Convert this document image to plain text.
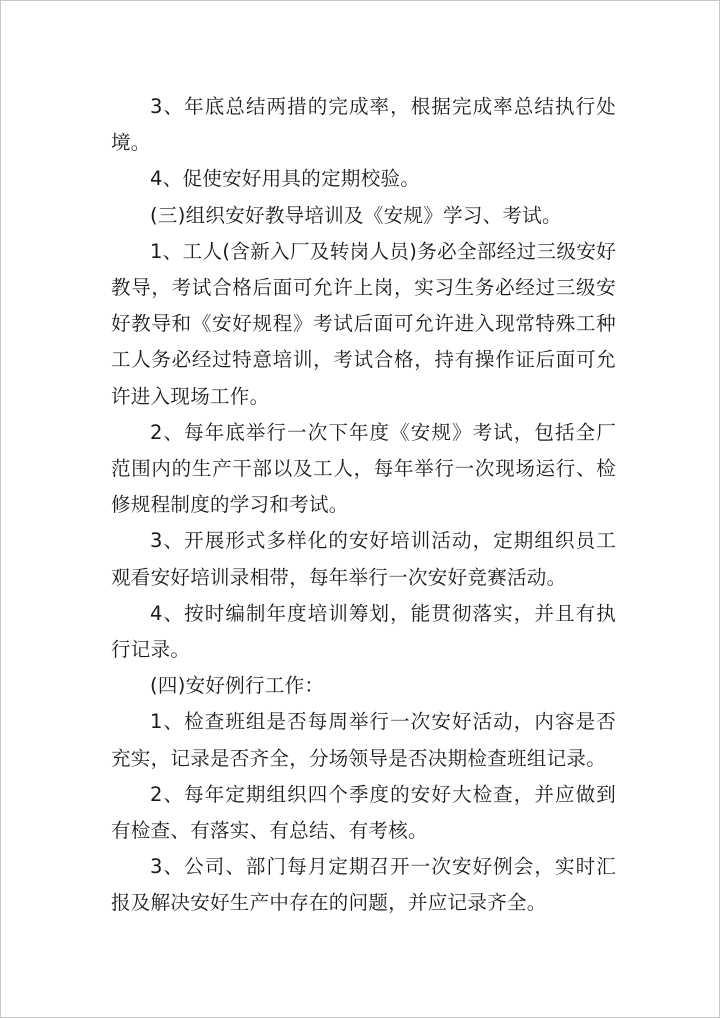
3、年底总结两措的完成率，根据完成率总结执行处境。

4、促使安好用具的定期校验。

(三)组织安好教导培训及《安规》学习、考试。

1、工人(含新入厂及转岗人员)务必全部经过三级安好教导，考试合格后面可允许上岗，实习生务必经过三级安好教导和《安好规程》考试后面可允许进入现常特殊工种工人务必经过特意培训，考试合格，持有操作证后面可允许进入现场工作。

2、每年底举行一次下年度《安规》考试，包括全厂范围内的生产干部以及工人，每年举行一次现场运行、检修规程制度的学习和考试。

3、开展形式多样化的安好培训活动，定期组织员工观看安好培训录相带，每年举行一次安好竞赛活动。

4、按时编制年度培训筹划，能贯彻落实，并且有执行记录。

(四)安好例行工作：

1、检查班组是否每周举行一次安好活动，内容是否充实，记录是否齐全，分场领导是否决期检查班组记录。

2、每年定期组织四个季度的安好大检查，并应做到有检查、有落实、有总结、有考核。

3、公司、部门每月定期召开一次安好例会，实时汇报及解决安好生产中存在的问题，并应记录齐全。
